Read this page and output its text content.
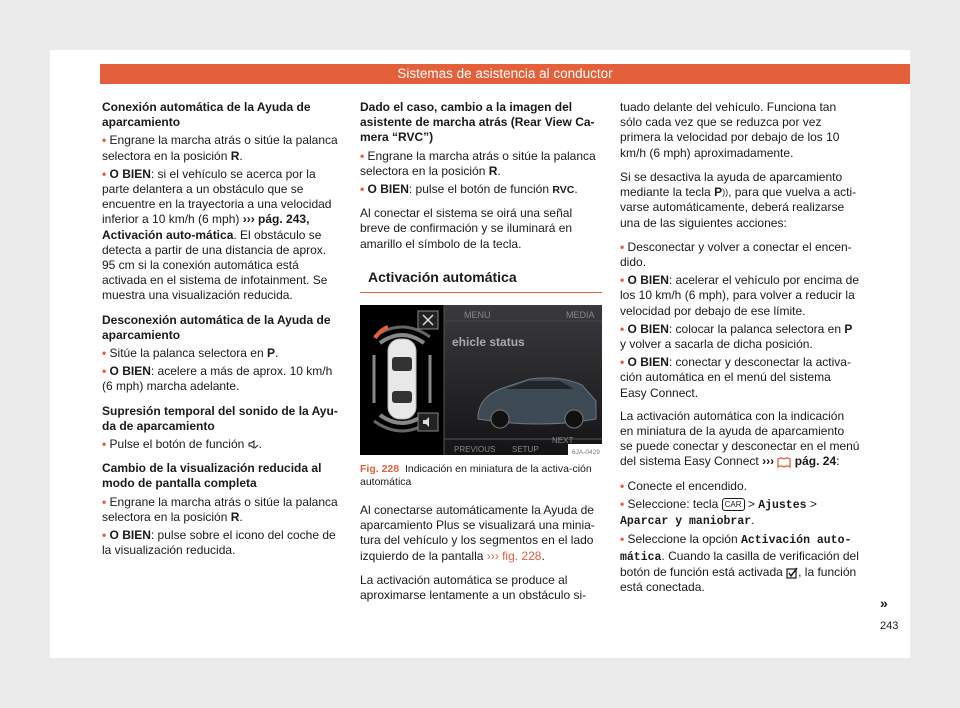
Sistemas de asistencia al conductor
Conexión automática de la Ayuda de aparcamiento

• Engrane la marcha atrás o sitúe la palanca selectora en la posición R.

• O BIEN: si el vehículo se acerca por la parte delantera a un obstáculo que se encuentre en la trayectoria a una velocidad inferior a 10 km/h (6 mph) ››› pág. 243, Activación auto-mática. El obstáculo se detecta a partir de una distancia de aprox. 95 cm si la conexión automática está activada en el sistema de infotainment. Se muestra una visualización reducida.

Desconexión automática de la Ayuda de aparcamiento

• Sitúe la palanca selectora en P.

• O BIEN: acelere a más de aprox. 10 km/h (6 mph) marcha adelante.

Supresión temporal del sonido de la Ayu-da de aparcamiento

• Pulse el botón de función .

Cambio de la visualización reducida al modo de pantalla completa

• Engrane la marcha atrás o sitúe la palanca selectora en la posición R.

• O BIEN: pulse sobre el icono del coche de la visualización reducida.

Dado el caso, cambio a la imagen del asistente de marcha atrás (Rear View Ca-mera “RVC”)

• Engrane la marcha atrás o sitúe la palanca selectora en la posición R.

• O BIEN: pulse el botón de función RVC.

Al conectar el sistema se oirá una señal breve de confirmación y se iluminará en amarillo el símbolo de la tecla.

Activación automática
MENU	MEDIA
ehicle status
PREVIOUS SETUP
NEXT
6JA-0429
Fig. 228 Indicación en miniatura de la activa-ción automática

Al conectarse automáticamente la Ayuda de aparcamiento Plus se visualizará una minia-tura del vehículo y los segmentos en el lado izquierdo de la pantalla ››› fig. 228.

La activación automática se produce al aproximarse lentamente a un obstáculo si-

tuado delante del vehículo. Funciona tan sólo cada vez que se reduzca por vez primera la velocidad por debajo de los 10 km/h (6 mph) aproximadamente.

Si se desactiva la ayuda de aparcamiento mediante la tecla P)), para que vuelva a acti-varse automáticamente, deberá realizarse una de las siguientes acciones:

• Desconectar y volver a conectar el encen-dido.

• O BIEN: acelerar el vehículo por encima de los 10 km/h (6 mph), para volver a reducir la velocidad por debajo de ese límite.

• O BIEN: colocar la palanca selectora en P y volver a sacarla de dicha posición.

• O BIEN: conectar y desconectar la activa-ción automática en el menú del sistema Easy Connect.

La activación automática con la indicación en miniatura de la ayuda de aparcamiento se puede conectar y desconectar en el menú del sistema Easy Connect ››› pág. 24:

• Conecte el encendido.

• Seleccione: tecla CAR > Ajustes > Aparcar y maniobrar.

• Seleccione la opción Activación auto-mática. Cuando la casilla de verificación del botón de función está activada , la función está conectada.

»
243
